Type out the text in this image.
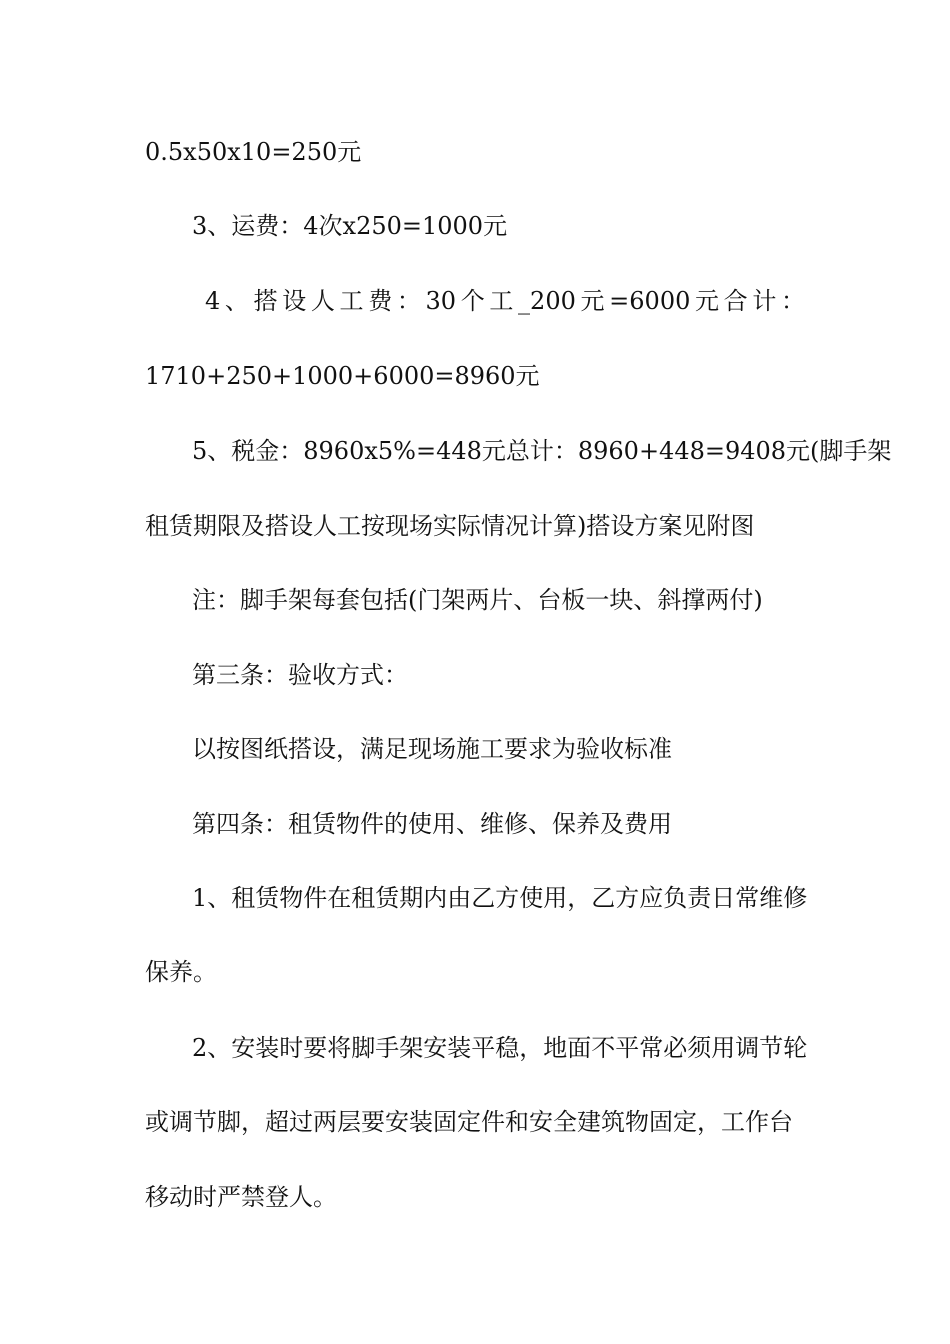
0.5x50x10=250元
3、运费：4次x250=1000元
4、搭设人工费：30个工_200元=6000元合计：
1710+250+1000+6000=8960元
5、税金：8960x5%=448元总计：8960+448=9408元(脚手架
租赁期限及搭设人工按现场实际情况计算)搭设方案见附图
注：脚手架每套包括(门架两片、台板一块、斜撑两付)
第三条：验收方式：
以按图纸搭设，满足现场施工要求为验收标准
第四条：租赁物件的使用、维修、保养及费用
1、租赁物件在租赁期内由乙方使用，乙方应负责日常维修
保养。
2、安装时要将脚手架安装平稳，地面不平常必须用调节轮
或调节脚，超过两层要安装固定件和安全建筑物固定，工作台
移动时严禁登人。
